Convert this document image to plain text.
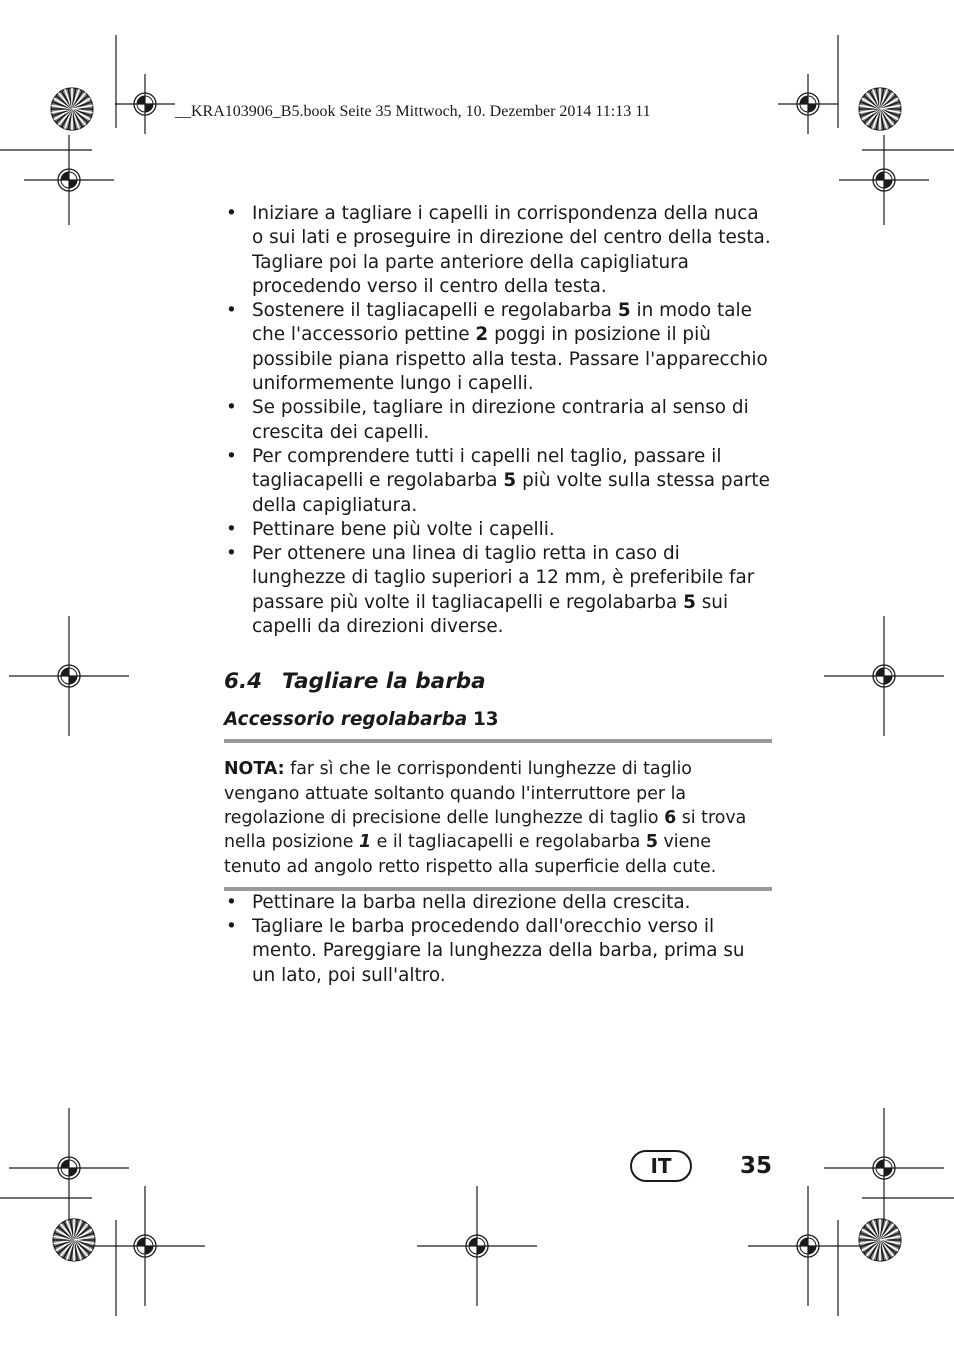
__KRA103906_B5.book Seite 35 Mittwoch, 10. Dezember 2014 11:13 11
• Iniziare a tagliare i capelli in corrispondenza della nuca o sui lati e proseguire in direzione del centro della testa. Tagliare poi la parte anteriore della capigliatura procedendo verso il centro della testa.
• Sostenere il tagliacapelli e regolabarba 5 in modo tale che l'accessorio pettine 2 poggi in posizione il più possibile piana rispetto alla testa. Passare l'apparecchio uniformemente lungo i capelli.
• Se possibile, tagliare in direzione contraria al senso di crescita dei capelli.
• Per comprendere tutti i capelli nel taglio, passare il tagliacapelli e regolabarba 5 più volte sulla stessa parte della capigliatura.
• Pettinare bene più volte i capelli.
• Per ottenere una linea di taglio retta in caso di lunghezze di taglio superiori a 12 mm, è preferibile far passare più volte il tagliacapelli e regolabarba 5 sui capelli da direzioni diverse.
6.4 Tagliare la barba
Accessorio regolabarba 13
NOTA: far sì che le corrispondenti lunghezze di taglio vengano attuate soltanto quando l'interruttore per la regolazione di precisione delle lunghezze di taglio 6 si trova nella posizione 1 e il tagliacapelli e regolabarba 5 viene tenuto ad angolo retto rispetto alla superficie della cute.
• Pettinare la barba nella direzione della crescita.
• Tagliare le barba procedendo dall'orecchio verso il mento. Pareggiare la lunghezza della barba, prima su un lato, poi sull'altro.
IT	35
